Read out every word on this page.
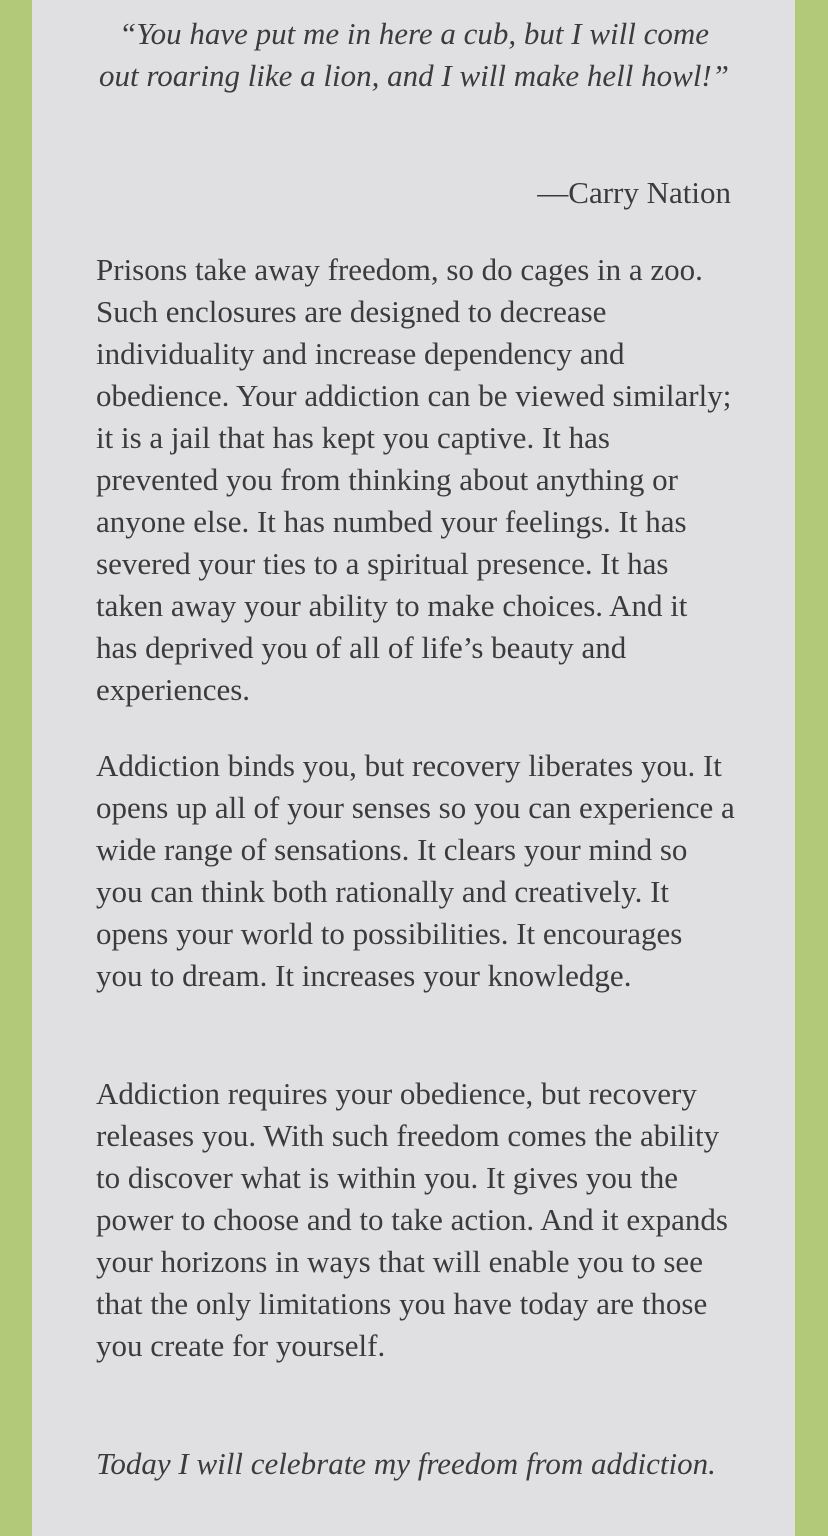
“You have put me in here a cub, but I will come out roaring like a lion, and I will make hell howl!”

—Carry Nation

Prisons take away freedom, so do cages in a zoo. Such enclosures are designed to decrease individuality and increase dependency and obedience. Your addiction can be viewed similarly; it is a jail that has kept you captive. It has prevented you from thinking about anything or anyone else. It has numbed your feelings. It has severed your ties to a spiritual presence. It has taken away your ability to make choices. And it has deprived you of all of life’s beauty and experiences.

Addiction binds you, but recovery liberates you. It opens up all of your senses so you can experience a wide range of sensations. It clears your mind so you can think both rationally and creatively. It opens your world to possibilities. It encourages you to dream. It increases your knowledge.

Addiction requires your obedience, but recovery releases you. With such freedom comes the ability to discover what is within you. It gives you the power to choose and to take action. And it expands your horizons in ways that will enable you to see that the only limitations you have today are those you create for yourself.

Today I will celebrate my freedom from addiction.
